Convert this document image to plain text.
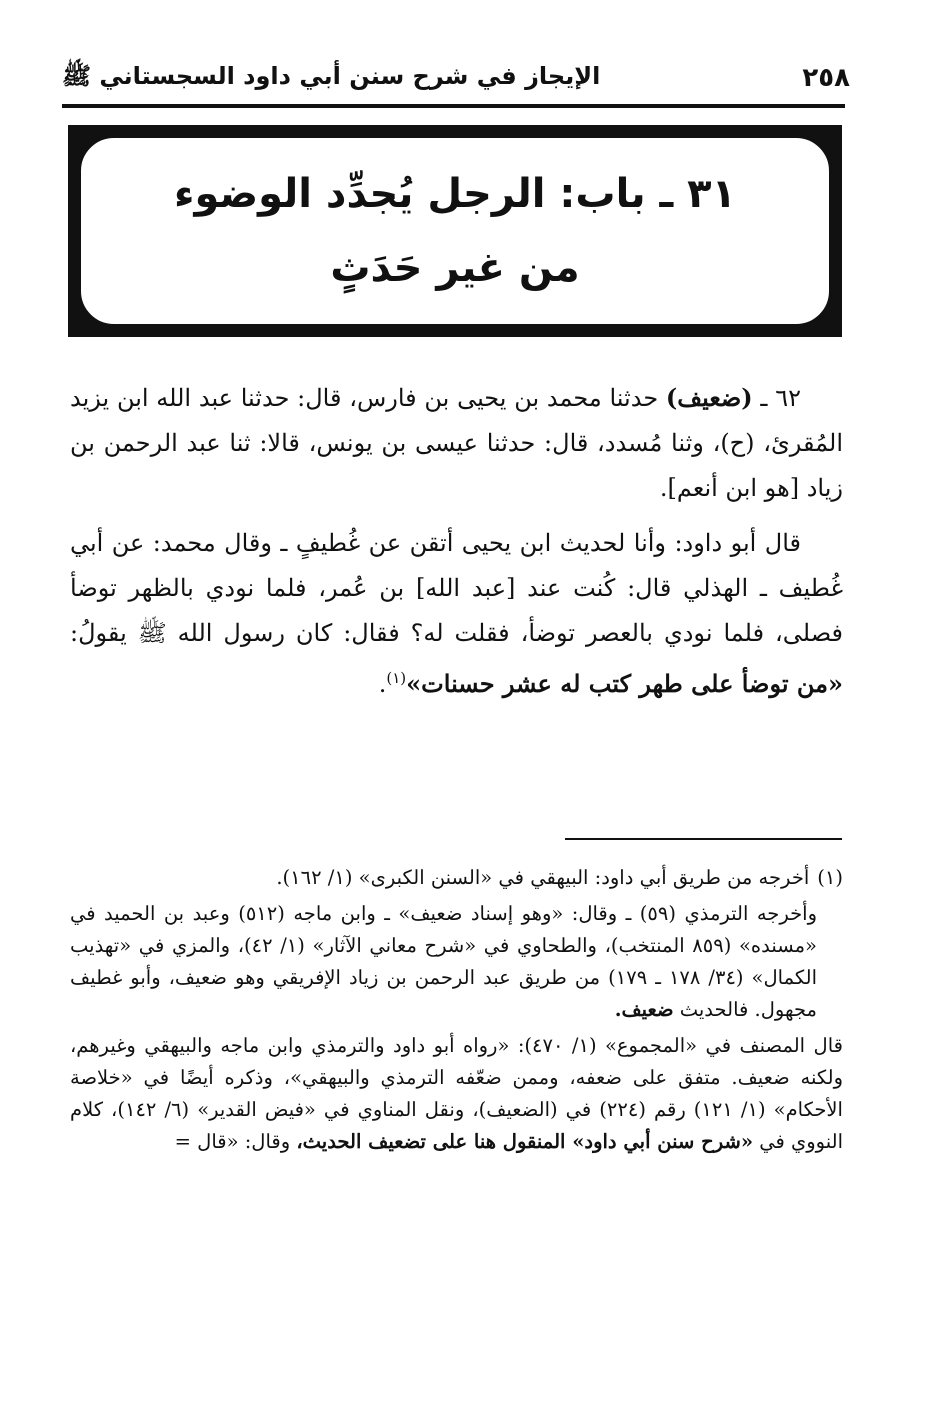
٢٥٨
الإيجاز في شرح سنن أبي داود السجستاني ﷺ
٣١ ـ باب: الرجل يُجدِّد الوضوء
من غير حَدَثٍ

٦٢ ـ (ضعيف) حدثنا محمد بن يحيى بن فارس، قال: حدثنا عبد الله ابن يزيد المُقرئ، (ح)، وثنا مُسدد، قال: حدثنا عيسى بن يونس، قالا: ثنا عبد الرحمن بن زياد [هو ابن أنعم].

قال أبو داود: وأنا لحديث ابن يحيى أتقن عن غُطيفٍ ـ وقال محمد: عن أبي غُطيف ـ الهذلي قال: كُنت عند [عبد الله] بن عُمر، فلما نودي بالظهر توضأ فصلى، فلما نودي بالعصر توضأ، فقلت له؟ فقال: كان رسول الله ﷺ يقولُ: «من توضأ على طهر كتب له عشر حسنات»$^{(١)}$.

(١)أخرجه من طريق أبي داود: البيهقي في «السنن الكبرى» (١/ ١٦٢).

وأخرجه الترمذي (٥٩) ـ وقال: «وهو إسناد ضعيف» ـ وابن ماجه (٥١٢) وعبد بن الحميد في «مسنده» (٨٥٩ المنتخب)، والطحاوي في «شرح معاني الآثار» (١/ ٤٢)، والمزي في «تهذيب الكمال» (٣٤/ ١٧٨ ـ ١٧٩) من طريق عبد الرحمن بن زياد الإفريقي وهو ضعيف، وأبو غطيف مجهول. فالحديث ضعيف.

قال المصنف في «المجموع» (١/ ٤٧٠): «رواه أبو داود والترمذي وابن ماجه والبيهقي وغيرهم، ولكنه ضعيف. متفق على ضعفه، وممن ضعّفه الترمذي والبيهقي»، وذكره أيضًا في «خلاصة الأحكام» (١/ ١٢١) رقم (٢٢٤) في (الضعيف)، ونقل المناوي في «فيض القدير» (٦/ ١٤٢)، كلام النووي في «شرح سنن أبي داود» المنقول هنا على تضعيف الحديث، وقال: «قال =
